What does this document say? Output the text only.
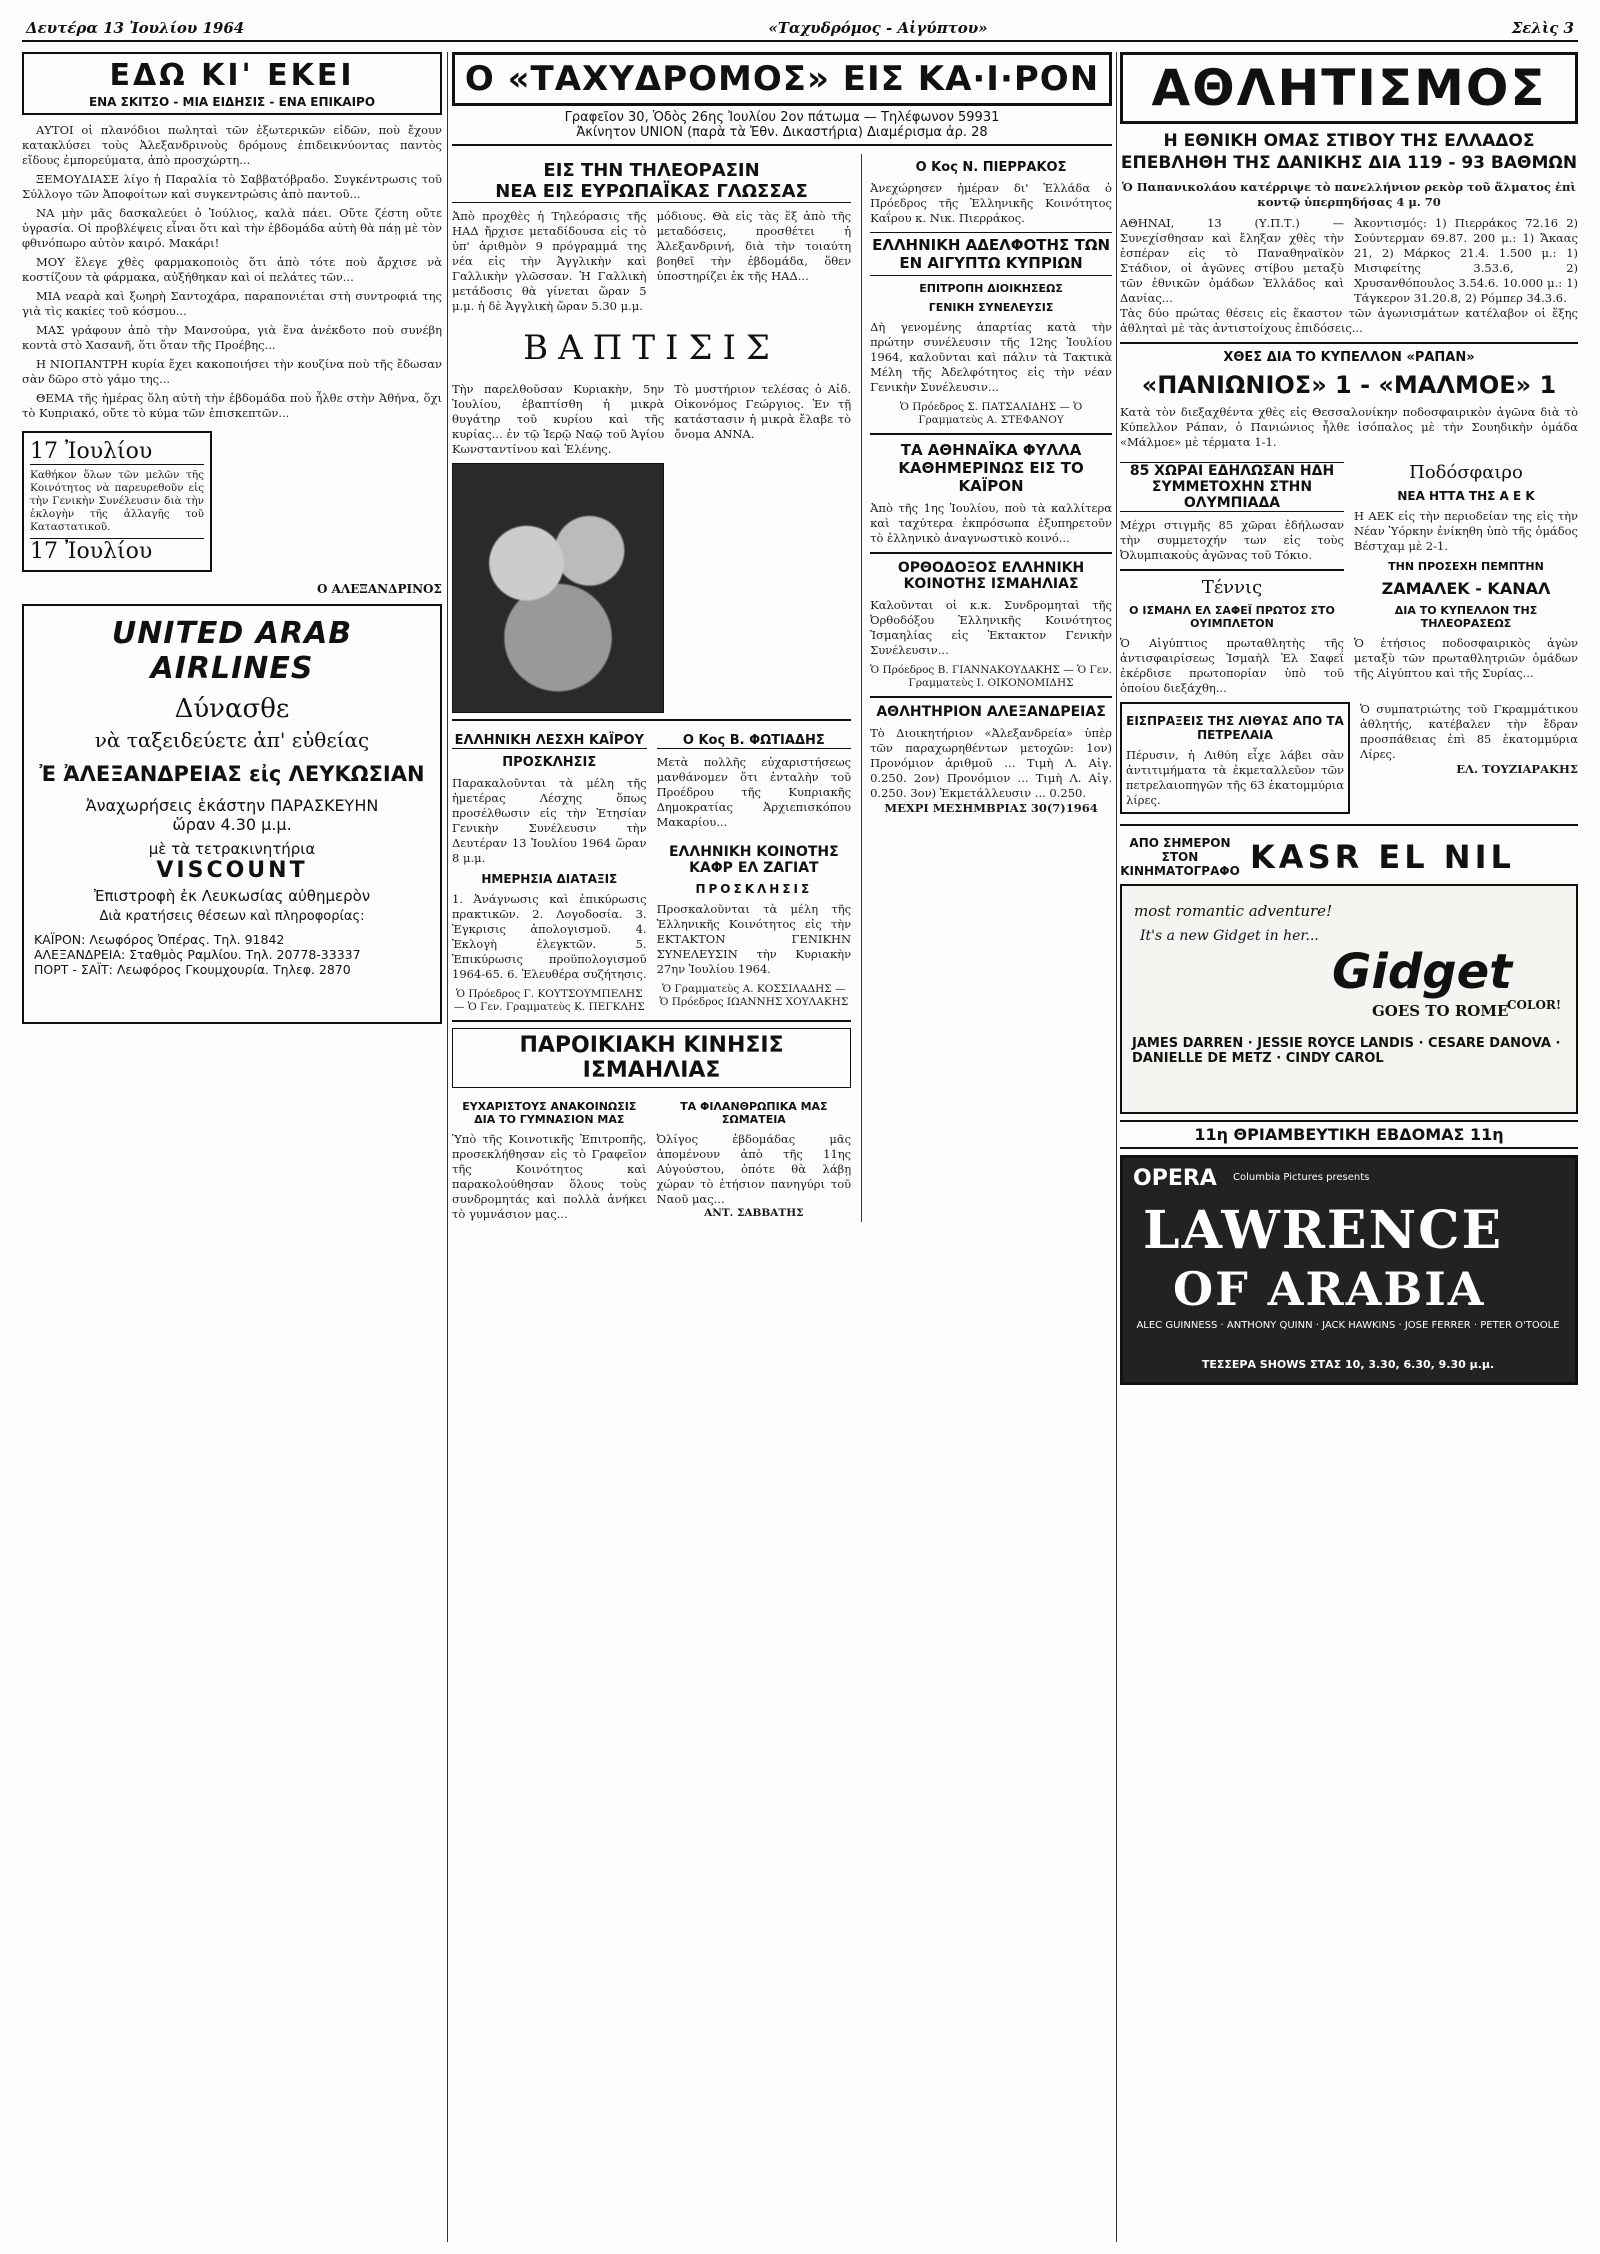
Δευτέρα 13 Ἰουλίου 1964	«Ταχυδρόμος - Αἰγύπτου»	Σελὶς 3
ΕΔΩ ΚΙ' ΕΚΕΙ
ΕΝΑ ΣΚΙΤΣΟ - ΜΙΑ ΕΙΔΗΣΙΣ - ΕΝΑ ΕΠΙΚΑΙΡΟ

ΑΥΤΟΙ οἱ πλανόδιοι πωληταὶ τῶν ἐξωτερικῶν εἰδῶν, ποὺ ἔχουν κατακλύσει τοὺς Ἀλεξανδρινοὺς δρόμους ἐπιδεικνύοντας παντὸς εἴδους ἐμπορεύματα, ἀπὸ προσχώρτη...

ΞΕΜΟΥΔΙΑΣΕ λίγο ἡ Παραλία τὸ Σαββατόβραδο. Συγκέντρωσις τοῦ Σύλλογο τῶν Ἀποφοίτων καὶ συγκεντρώσις ἀπὸ παντοῦ...

ΝΑ μὴν μᾶς δασκαλεύει ὁ Ἰούλιος, καλὰ πάει. Οὔτε ζέστη οὔτε ὑγρασία. Οἱ προβλέψεις εἶναι ὅτι καὶ τὴν ἑβδομάδα αὐτὴ θὰ πάῃ μὲ τὸν φθινόπωρο αὐτὸν καιρό. Μακάρι!

ΜΟΥ ἔλεγε χθὲς φαρμακοποιὸς ὅτι ἀπὸ τότε ποὺ ἄρχισε νὰ κοστίζουν τὰ φάρμακα, αὐξήθηκαν καὶ οἱ πελάτες τῶν...

ΜΙΑ νεαρὰ καὶ ξωηρὴ Σαντοχάρα, παραπονιέται στὴ συντροφιά της γιὰ τὶς κακίες τοῦ κόσμου...

ΜΑΣ γράφουν ἀπὸ τὴν Μανσούρα, γιὰ ἕνα ἀνέκδοτο ποὺ συνέβη κοντὰ στὸ Χασανῆ, ὅτι ὅταν τῆς Προέβης...

Η ΝΙΟΠΑΝΤΡΗ κυρία ἔχει κακοποιήσει τὴν κουζίνα ποὺ τῆς ἔδωσαν σὰν δῶρο στὸ γάμο της...

ΘΕΜΑ τῆς ἡμέρας ὅλη αὐτὴ τὴν ἑβδομάδα ποὺ ἦλθε στὴν Ἀθήνα, ὅχι τὸ Κυπριακό, οὔτε τὸ κύμα τῶν ἐπισκεπτῶν...

17 Ἰουλίου
Καθήκον ὅλων τῶν μελῶν τῆς Κοινότητος νὰ παρευρεθοῦν εἰς τὴν Γενικὴν Συνέλευσιν διὰ τὴν ἐκλογὴν τῆς ἀλλαγῆς τοῦ Καταστατικοῦ.
17 Ἰουλίου
Ο ΑΛΕΞΑΝΔΡΙΝΟΣ
UNITED ARAB AIRLINES
Δύνασθε
νὰ ταξειδεύετε ἀπ' εὐθείας
Ἐ ἈΛΕΞΑΝΔΡΕΙΑΣ εἰς ΛΕΥΚΩΣΙΑΝ
Ἀναχωρήσεις ἑκάστην ΠΑΡΑΣΚΕΥΗΝ
ὥραν 4.30 μ.μ.
μὲ τὰ τετρακινητήρια
VISCOUNT
Ἐπιστροφὴ ἐκ Λευκωσίας αὐθημερὸν
Διὰ κρατήσεις θέσεων καὶ πληροφορίας:
ΚΑΪΡΟΝ: Λεωφόρος Ὀπέρας. Τηλ. 91842
ΑΛΕΞΑΝΔΡΕΙΑ: Σταθμὸς Ραμλίου. Τηλ. 20778-33337
ΠΟΡΤ - ΣΑΪΤ: Λεωφόρος Γκουμχουρία. Τηλεφ. 2870
Ο «ΤΑΧΥΔΡΟΜΟΣ» ΕΙΣ ΚΑ·Ι·ΡΟΝ
Γραφεῖον 30, Ὁδὸς 26ης Ἰουλίου 2ον πάτωμα — Τηλέφωνον 59931
Ἀκίνητον UNION (παρὰ τὰ Ἐθν. Δικαστήρια) Διαμέρισμα ἀρ. 28
ΕΙΣ ΤΗΝ ΤΗΛΕΟΡΑΣΙΝ
ΝΕΑ ΕΙΣ ΕΥΡΩΠΑΪΚΑΣ ΓΛΩΣΣΑΣ
Ἀπὸ προχθὲς ἡ Τηλεόρασις τῆς ΗΑΔ ἤρχισε μεταδίδουσα εἰς τὸ ὑπ' ἀριθμὸν 9 πρόγραμμά της νέα εἰς τὴν Ἀγγλικὴν καὶ Γαλλικὴν γλῶσσαν. Ἡ Γαλλικὴ μετάδοσις θὰ γίνεται ὥραν 5 μ.μ. ἡ δὲ Ἀγγλικὴ ὥραν 5.30 μ.μ.
μόδιους. Θὰ εἰς τὰς ἕξ ἀπὸ τῆς μεταδόσεις, προσθέτει ἡ Ἀλεξανδρινή, διὰ τὴν τοιαύτη βοηθεῖ τὴν ἐβδομάδα, ὅθεν ὑποστηρίζει ἐκ τῆς ΗΑΔ...
ΒΑΠΤΙΣΙΣ
Τὴν παρελθοῦσαν Κυριακὴν, 5ην Ἰουλίου, ἐβαπτίσθη ἡ μικρὰ θυγάτηρ τοῦ κυρίου καὶ τῆς κυρίας... ἐν τῷ Ἱερῷ Ναῷ τοῦ Ἁγίου Κωνσταντίνου καὶ Ἑλένης.
Τὸ μυστήριον τελέσας ὁ Αἰδ. Οἰκονόμος Γεώργιος. Ἐν τῇ κατάστασιν ἡ μικρὰ ἔλαβε τὸ ὄνομα ΑΝΝΑ.
ΕΛΛΗΝΙΚΗ ΛΕΣΧΗ ΚΑΪΡΟΥ
ΠΡΟΣΚΛΗΣΙΣ
Παρακαλοῦνται τὰ μέλη τῆς ἡμετέρας Λέσχης ὅπως προσέλθωσιν εἰς τὴν Ἐτησίαν Γενικὴν Συνέλευσιν τὴν Δευτέραν 13 Ἰουλίου 1964 ὥραν 8 μ.μ.
ΗΜΕΡΗΣΙΑ ΔΙΑΤΑΞΙΣ
1. Ἀνάγνωσις καὶ ἐπικύρωσις πρακτικῶν. 2. Λογοδοσία. 3. Ἐγκρισις ἀπολογισμοῦ. 4. Ἐκλογὴ ἐλεγκτῶν. 5. Ἐπικύρωσις προϋπολογισμοῦ 1964-65. 6. Ἐλευθέρα συζήτησις.
Ὁ Πρόεδρος Γ. ΚΟΥΤΣΟΥΜΠΕΛΗΣ — Ὁ Γεν. Γραμματεὺς Κ. ΠΕΓΚΛΗΣ
Ο Κος Β. ΦΩΤΙΑΔΗΣ
Μετὰ πολλῆς εὐχαριστήσεως μανθάνομεν ὅτι ἐνταλὴν τοῦ Προέδρου τῆς Κυπριακῆς Δημοκρατίας Ἀρχιεπισκόπου Μακαρίου...
ΕΛΛΗΝΙΚΗ ΚΟΙΝΟΤΗΣ ΚΑΦΡ ΕΛ ΖΑΓΙΑΤ
ΠΡΟΣΚΛΗΣΙΣ
Προσκαλοῦνται τὰ μέλη τῆς Ἑλληνικῆς Κοινότητος εἰς τὴν ΕΚΤΑΚΤΟΝ ΓΕΝΙΚΗΝ ΣΥΝΕΛΕΥΣΙΝ τὴν Κυριακὴν 27ην Ἰουλίου 1964.
Ὁ Γραμματεὺς Α. ΚΟΣΣΙΛΑΔΗΣ — Ὁ Πρόεδρος ΙΩΑΝΝΗΣ ΧΟΥΛΑΚΗΣ
ΠΑΡΟΙΚΙΑΚΗ ΚΙΝΗΣΙΣ ΙΣΜΑΗΛΙΑΣ
ΕΥΧΑΡΙΣΤΟΥΣ ΑΝΑΚΟΙΝΩΣΙΣ ΔΙΑ ΤΟ ΓΥΜΝΑΣΙΟΝ ΜΑΣ
Ὑπὸ τῆς Κοινοτικῆς Ἐπιτροπῆς, προσεκλήθησαν εἰς τὸ Γραφεῖον τῆς Κοινότητος καὶ παρακολούθησαν ὅλους τοὺς συνδρομητάς καὶ πολλὰ ἀνήκει τὸ γυμνάσιον μας...
ΤΑ ΦΙΛΑΝΘΡΩΠΙΚΑ ΜΑΣ ΣΩΜΑΤΕΙΑ
Ὀλίγος ἐβδομάδας μᾶς ἀπομένουν ἀπὸ τῆς 11ης Αὐγούστου, ὁπότε θὰ λάβῃ χώραν τὸ ἐτήσιον πανηγύρι τοῦ Ναοῦ μας...
ΑΝΤ. ΣΑΒΒΑΤΗΣ
Ο Κος Ν. ΠΙΕΡΡΑΚΟΣ
Ἀνεχώρησεν ἡμέραν δι' Ἑλλάδα ὁ Πρόεδρος τῆς Ἑλληνικῆς Κοινότητος Καΐρου κ. Νικ. Πιερράκος.
ΕΛΛΗΝΙΚΗ ΑΔΕΛΦΟΤΗΣ ΤΩΝ ΕΝ ΑΙΓΥΠΤΩ ΚΥΠΡΙΩΝ
ΕΠΙΤΡΟΠΗ ΔΙΟΙΚΗΣΕΩΣ
ΓΕΝΙΚΗ ΣΥΝΕΛΕΥΣΙΣ
Δὴ γενομένης ἀπαρτίας κατὰ τὴν πρώτην συνέλευσιν τῆς 12ης Ἰουλίου 1964, καλοῦνται καὶ πάλιν τὰ Τακτικὰ Μέλη τῆς Ἀδελφότητος εἰς τὴν νέαν Γενικὴν Συνέλευσιν...
Ὁ Πρόεδρος Σ. ΠΑΤΣΑΛΙΔΗΣ — Ὁ Γραμματεὺς Α. ΣΤΕΦΑΝΟΥ
ΤΑ ΑΘΗΝΑΪΚΑ ΦΥΛΛΑ ΚΑΘΗΜΕΡΙΝΩΣ ΕΙΣ ΤΟ ΚΑΪΡΟΝ
Ἀπὸ τῆς 1ης Ἰουλίου, ποὺ τὰ καλλίτερα καὶ ταχύτερα ἐκπρόσωπα ἐξυπηρετοῦν τὸ ἑλληνικὸ ἀναγνωστικὸ κοινό...
ΟΡΘΟΔΟΞΟΣ ΕΛΛΗΝΙΚΗ ΚΟΙΝΟΤΗΣ ΙΣΜΑΗΛΙΑΣ
Καλοῦνται οἱ κ.κ. Συνδρομηταὶ τῆς Ὀρθοδόξου Ἑλληνικῆς Κοινότητος Ἰσμαηλίας εἰς Ἐκτακτον Γενικὴν Συνέλευσιν...
Ὁ Πρόεδρος Β. ΓΙΑΝΝΑΚΟΥΔΑΚΗΣ — Ὁ Γεν. Γραμματεὺς Ι. ΟΙΚΟΝΟΜΙΔΗΣ
ΑΘΛΗΤΗΡΙΟΝ ΑΛΕΞΑΝΔΡΕΙΑΣ
Τὸ Διοικητήριον «Ἀλεξανδρεία» ὑπὲρ τῶν παραχωρηθέντων μετοχῶν: 1ον) Προνόμιον ἀριθμοῦ ... Τιμὴ Λ. Αἰγ. 0.250. 2ον) Προνόμιον ... Τιμὴ Λ. Αἰγ. 0.250. 3ον) Ἐκμετάλλευσιν ... 0.250.
ΜΕΧΡΙ ΜΕΣΗΜΒΡΙΑΣ 30(7)1964
ΑΘΛΗΤΙΣΜΟΣ
Η ΕΘΝΙΚΗ ΟΜΑΣ ΣΤΙΒΟΥ ΤΗΣ ΕΛΛΑΔΟΣ ΕΠΕΒΛΗΘΗ ΤΗΣ ΔΑΝΙΚΗΣ ΔΙΑ 119 - 93 ΒΑΘΜΩΝ
Ὁ Παπανικολάου κατέρριψε τὸ πανελλήνιον ρεκὸρ τοῦ ἅλματος ἐπὶ κοντῷ ὑπερπηδήσας 4 μ. 70
ΑΘΗΝΑΙ, 13 (Υ.Π.Τ.) — Συνεχίσθησαν καὶ ἔληξαν χθὲς τὴν ἑσπέραν εἰς τὸ Παναθηναϊκὸν Στάδιον, οἱ ἀγῶνες στίβου μεταξὺ τῶν ἐθνικῶν ὁμάδων Ἑλλάδος καὶ Δανίας...
Ἀκοντισμός: 1) Πιερράκος 72.16 2) Σούντερμαν 69.87. 200 μ.: 1) Ἄκαας 21, 2) Μάρκος 21.4. 1.500 μ.: 1) Μισιφείτης 3.53.6, 2) Χρυσανθόπουλος 3.54.6. 10.000 μ.: 1) Τάγκερον 31.20.8, 2) Ρόμπερ 34.3.6.
Τὰς δύο πρώτας θέσεις εἰς ἕκαστον τῶν ἀγωνισμάτων κατέλαβον οἱ ἕξης ἀθληταὶ μὲ τὰς ἀντιστοίχους ἐπιδόσεις...
ΧΘΕΣ ΔΙΑ ΤΟ ΚΥΠΕΛΛΟΝ «ΡΑΠΑΝ»
«ΠΑΝΙΩΝΙΟΣ» 1 - «ΜΑΛΜΟΕ» 1
Κατὰ τὸν διεξαχθέντα χθὲς εἰς Θεσσαλονίκην ποδοσφαιρικὸν ἀγῶνα διὰ τὸ Κύπελλον Ράπαν, ὁ Πανιώνιος ἦλθε ἰσόπαλος μὲ τὴν Σουηδικὴν ὁμάδα «Μάλμοε» μὲ τέρματα 1-1.
85 ΧΩΡΑΙ ΕΔΗΛΩΣΑΝ ΗΔΗ ΣΥΜΜΕΤΟΧΗΝ ΣΤΗΝ ΟΛΥΜΠΙΑΔΑ
Μέχρι στιγμῆς 85 χῶραι ἐδήλωσαν τὴν συμμετοχήν των εἰς τοὺς Ὀλυμπιακοὺς ἀγῶνας τοῦ Τόκιο.
Τέννις
Ο ΙΣΜΑΗΛ ΕΛ ΣΑΦΕΪ ΠΡΩΤΟΣ ΣΤΟ ΟΥΙΜΠΛΕΤΟΝ
Ὁ Αἰγύπτιος πρωταθλητὴς τῆς ἀντισφαιρίσεως Ἰσμαὴλ Ἐλ Σαφεΐ ἐκέρδισε πρωτοπορίαν ὑπὸ τοῦ ὁποίου διεξάχθη...
Ποδόσφαιρο
ΝΕΑ ΗΤΤΑ ΤΗΣ Α Ε Κ
Η ΑΕΚ εἰς τὴν περιοδείαν της εἰς τὴν Νέαν Ὑόρκην ἐνίκηθη ὑπὸ τῆς ὁμάδος Βέστχαμ μὲ 2-1.
ΤΗΝ ΠΡΟΣΕΧΗ ΠΕΜΠΤΗΝ
ΖΑΜΑΛΕΚ - ΚΑΝΑΛ
ΔΙΑ ΤΟ ΚΥΠΕΛΛΟΝ ΤΗΣ ΤΗΛΕΟΡΑΣΕΩΣ
Ὁ ἐτήσιος ποδοσφαιρικὸς ἀγὼν μεταξὺ τῶν πρωταθλητριῶν ὁμάδων τῆς Αἰγύπτου καὶ τῆς Συρίας...
ΕΙΣΠΡΑΞΕΙΣ ΤΗΣ ΛΙΘΥΑΣ ΑΠΟ ΤΑ ΠΕΤΡΕΛΑΙΑ
Πέρυσιν, ἡ Λιθύη εἶχε λάβει σὰν ἀντιτιμήματα τὰ ἐκμεταλλεῦον τῶν πετρελαιοπηγῶν τῆς 63 ἑκατομμύρια λίρες.
Ὁ συμπατριώτης τοῦ Γκραμμάτικου ἀθλητής, κατέβαλεν τὴν ἔδραν προσπάθειας ἐπὶ 85 ἑκατομμύρια Λίρες.
ΕΛ. ΤΟΥΖΙΑΡΑΚΗΣ
ΑΠΟ ΣΗΜΕΡΟΝ ΣΤΟΝ ΚΙΝΗΜΑΤΟΓΡΑΦΟ KASR EL NIL
most romantic adventure!
It's a new Gidget in her...
Gidget
GOES TO ROME
COLOR!
JAMES DARREN · JESSIE ROYCE LANDIS · CESARE DANOVA · DANIELLE DE METZ · CINDY CAROL
11η ΘΡΙΑΜΒΕΥΤΙΚΗ ΕΒΔΟΜΑΣ 11η
OPERA Columbia Pictures presents
LAWRENCE
OF ARABIA
ALEC GUINNESS · ANTHONY QUINN · JACK HAWKINS · JOSE FERRER · PETER O'TOOLE
ΤΕΣΣΕΡΑ SHOWS ΣΤΑΣ 10, 3.30, 6.30, 9.30 μ.μ.
